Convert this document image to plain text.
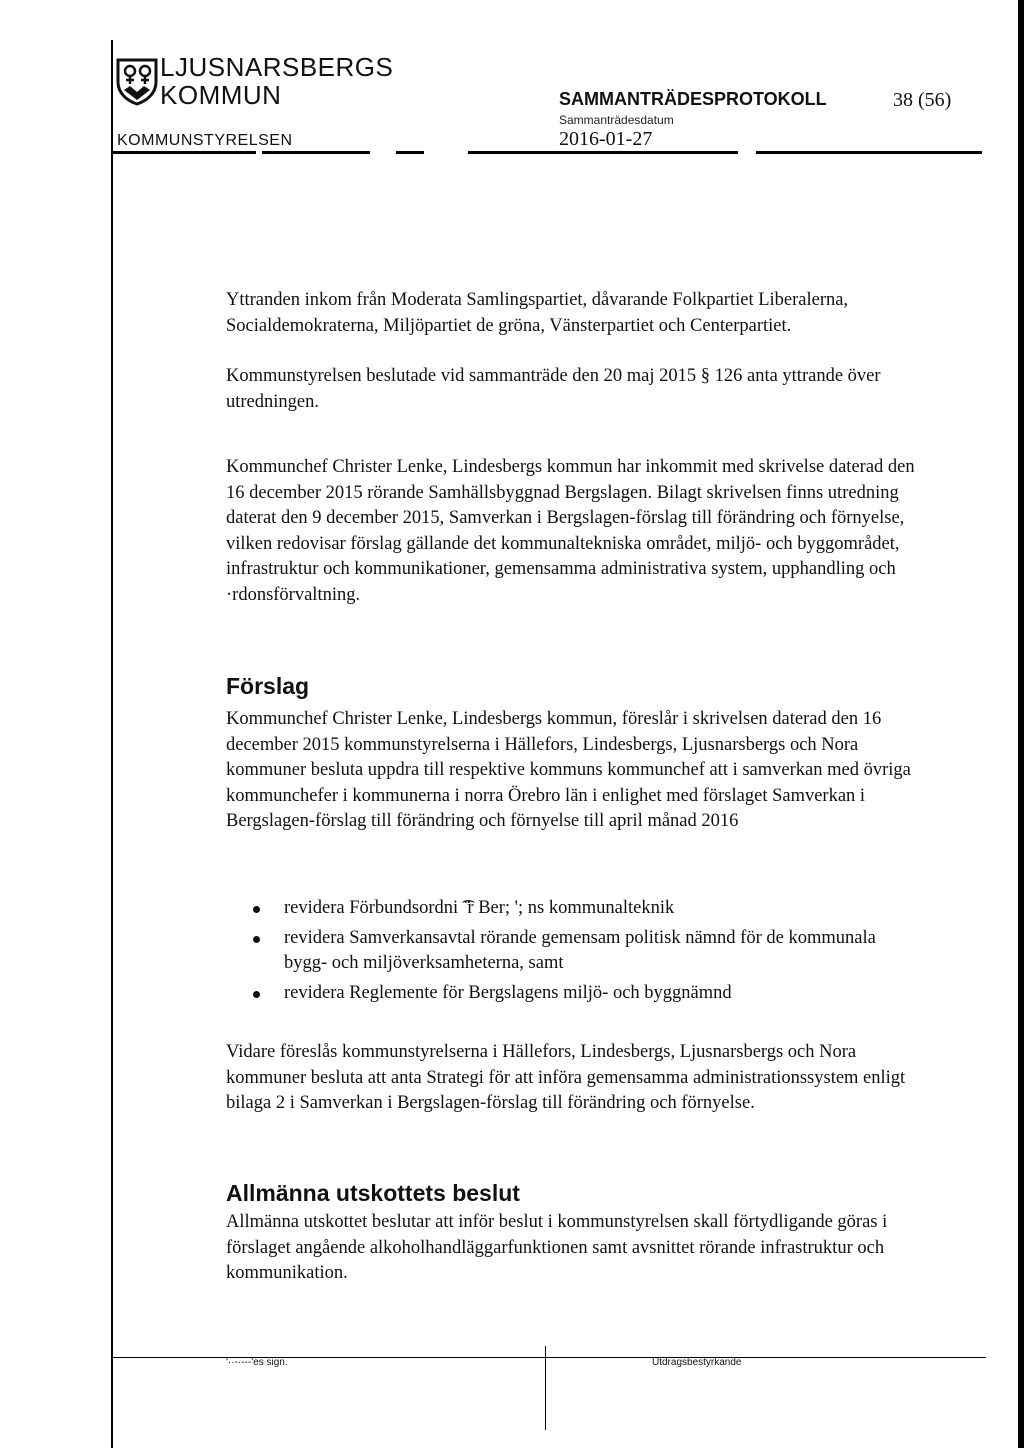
LJUSNARSBERGS
KOMMUN
KOMMUNSTYRELSEN
SAMMANTRÄDESPROTOKOLL	38 (56)
Sammanträdesdatum
2016-01-27

Yttranden inkom från Moderata Samlingspartiet, dåvarande Folkpartiet Liberalerna, Socialdemokraterna, Miljöpartiet de gröna, Vänsterpartiet och Centerpartiet.

Kommunstyrelsen beslutade vid sammanträde den 20 maj 2015 § 126 anta yttrande över utredningen.

Kommunchef Christer Lenke, Lindesbergs kommun har inkommit med skrivelse daterad den 16 december 2015 rörande Samhällsbyggnad Bergslagen. Bilagt skrivelsen finns utredning daterat den 9 december 2015, Samverkan i Bergslagen-förslag till förändring och förnyelse, vilken redovisar förslag gällande det kommunaltekniska området, miljö- och byggområdet, infrastruktur och kommunikationer, gemensamma administrativa system, upphandling och ·rdonsförvaltning.

Förslag

Kommunchef Christer Lenke, Lindesbergs kommun, föreslår i skrivelsen daterad den 16 december 2015 kommunstyrelserna i Hällefors, Lindesbergs, Ljusnarsbergs och Nora kommuner besluta uppdra till respektive kommuns kommunchef att i samverkan med övriga kommunchefer i kommunerna i norra Örebro län i enlighet med förslaget Samverkan i Bergslagen-förslag till förändring och förnyelse till april månad 2016

revidera Förbundsordni ͡ ̈r Ber; '; ns kommunalteknik
revidera Samverkansavtal rörande gemensam politisk nämnd för de kommunala bygg- och miljöverksamheterna, samt
revidera Reglemente för Bergslagens miljö- och byggnämnd

Vidare föreslås kommunstyrelserna i Hällefors, Lindesbergs, Ljusnarsbergs och Nora kommuner besluta att anta Strategi för att införa gemensamma administrationssystem enligt bilaga 2 i Samverkan i Bergslagen-förslag till förändring och förnyelse.

Allmänna utskottets beslut

Allmänna utskottet beslutar att inför beslut i kommunstyrelsen skall förtydligande göras i förslaget angående alkoholhandläggarfunktionen samt avsnittet rörande infrastruktur och kommunikation.

'··-·---'es sign.	Utdragsbestyrkande
